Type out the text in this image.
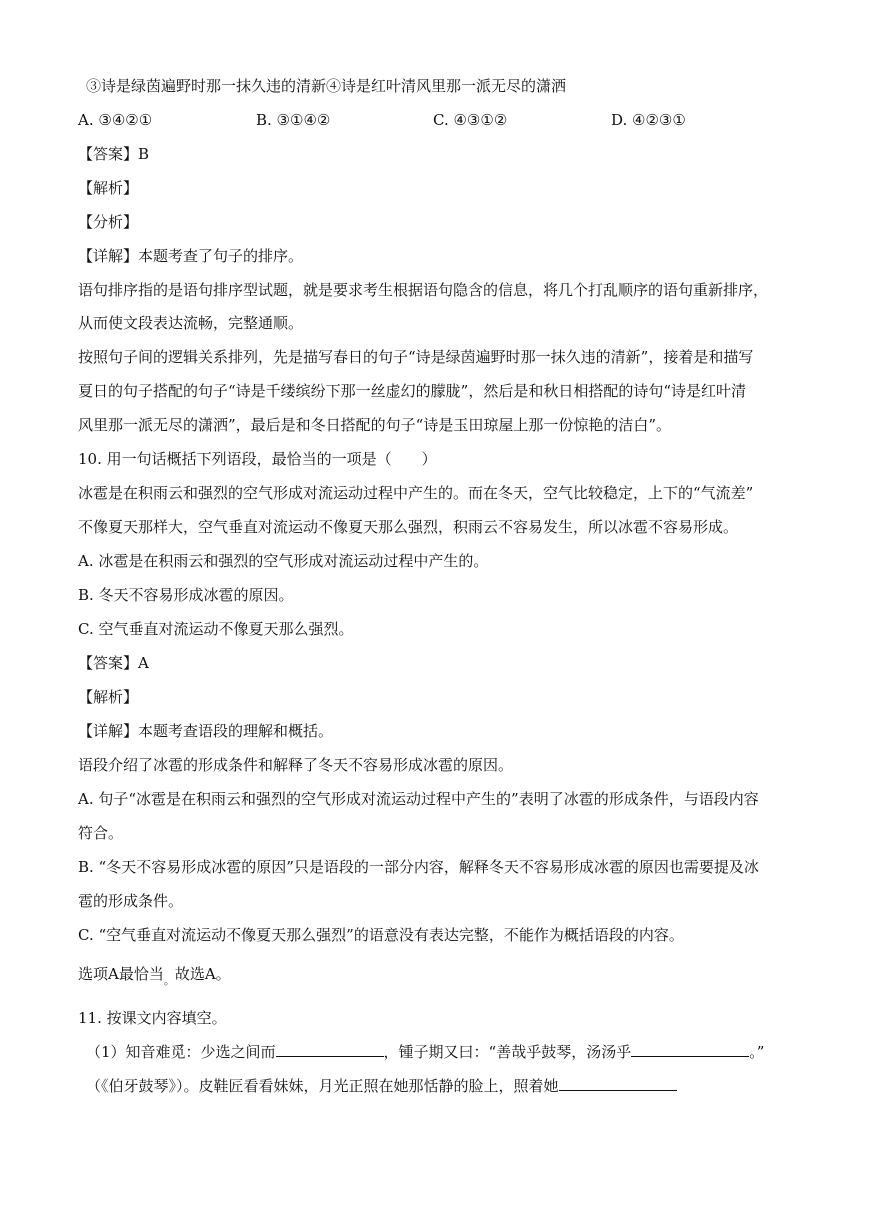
③诗是绿茵遍野时那一抹久违的清新④诗是红叶清风里那一派无尽的潇洒
A. ③④②①	B. ③①④②	C. ④③①②	D. ④②③①
【答案】B
【解析】
【分析】
【详解】本题考查了句子的排序。
语句排序指的是语句排序型试题，就是要求考生根据语句隐含的信息，将几个打乱顺序的语句重新排序，
从而使文段表达流畅，完整通顺。
按照句子间的逻辑关系排列，先是描写春日的句子“诗是绿茵遍野时那一抹久违的清新”，接着是和描写
夏日的句子搭配的句子“诗是千缕缤纷下那一丝虚幻的朦胧”，然后是和秋日相搭配的诗句“诗是红叶清
风里那一派无尽的潇洒”，最后是和冬日搭配的句子“诗是玉田琼屋上那一份惊艳的洁白”。
10. 用一句话概括下列语段，最恰当的一项是（　　）
冰雹是在积雨云和强烈的空气形成对流运动过程中产生的。而在冬天，空气比较稳定，上下的“气流差”
不像夏天那样大，空气垂直对流运动不像夏天那么强烈，积雨云不容易发生，所以冰雹不容易形成。
A. 冰雹是在积雨云和强烈的空气形成对流运动过程中产生的。
B. 冬天不容易形成冰雹的原因。
C. 空气垂直对流运动不像夏天那么强烈。
【答案】A
【解析】
【详解】本题考查语段的理解和概括。
语段介绍了冰雹的形成条件和解释了冬天不容易形成冰雹的原因。
A. 句子“冰雹是在积雨云和强烈的空气形成对流运动过程中产生的”表明了冰雹的形成条件，与语段内容
符合。
B. “冬天不容易形成冰雹的原因”只是语段的一部分内容，解释冬天不容易形成冰雹的原因也需要提及冰
雹的形成条件。
C. “空气垂直对流运动不像夏天那么强烈”的语意没有表达完整，不能作为概括语段的内容。
选项A最恰当$_。$故选A。
11. 按课文内容填空。
（1）知音难觅：少选之间而	，锺子期又曰：“善哉乎鼓琴，汤汤乎	。”
（《伯牙鼓琴》）。皮鞋匠看看妹妹，月光正照在她那恬静的脸上，照着她
